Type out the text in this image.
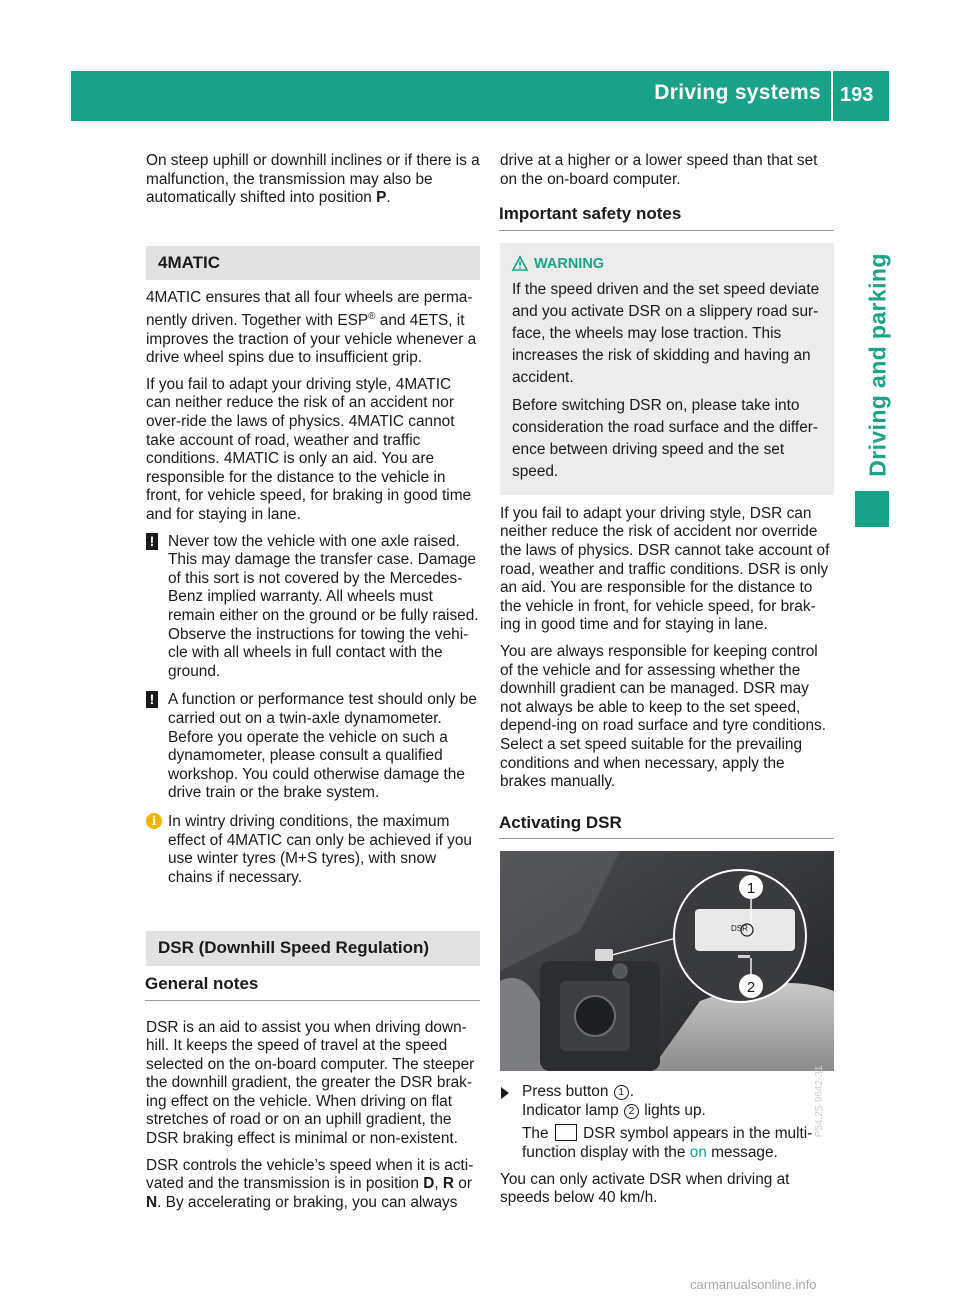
Driving systems 193
Driving and parking

On steep uphill or downhill inclines or if there is a malfunction, the transmission may also be automatically shifted into position P.

4MATIC

4MATIC ensures that all four wheels are perma-nently driven. Together with ESP® and 4ETS, it improves the traction of your vehicle whenever a drive wheel spins due to insufficient grip.

If you fail to adapt your driving style, 4MATIC can neither reduce the risk of an accident nor over-ride the laws of physics. 4MATIC cannot take account of road, weather and traffic conditions. 4MATIC is only an aid. You are responsible for the distance to the vehicle in front, for vehicle speed, for braking in good time and for staying in lane.

! Never tow the vehicle with one axle raised. This may damage the transfer case. Damage of this sort is not covered by the Mercedes-Benz implied warranty. All wheels must remain either on the ground or be fully raised. Observe the instructions for towing the vehi-cle with all wheels in full contact with the ground.
! A function or performance test should only be carried out on a twin-axle dynamometer. Before you operate the vehicle on such a dynamometer, please consult a qualified workshop. You could otherwise damage the drive train or the brake system.
i In wintry driving conditions, the maximum effect of 4MATIC can only be achieved if you use winter tyres (M+S tyres), with snow chains if necessary.
DSR (Downhill Speed Regulation)
General notes

DSR is an aid to assist you when driving down-hill. It keeps the speed of travel at the speed selected on the on-board computer. The steeper the downhill gradient, the greater the DSR brak-ing effect on the vehicle. When driving on flat stretches of road or on an uphill gradient, the DSR braking effect is minimal or non-existent.

DSR controls the vehicle’s speed when it is acti-vated and the transmission is in position D, R or N. By accelerating or braking, you can always

drive at a higher or a lower speed than that set on the on-board computer.

Important safety notes
WARNING

If the speed driven and the set speed deviate and you activate DSR on a slippery road sur-face, the wheels may lose traction. This increases the risk of skidding and having an accident.

Before switching DSR on, please take into consideration the road surface and the differ-ence between driving speed and the set speed.

If you fail to adapt your driving style, DSR can neither reduce the risk of accident nor override the laws of physics. DSR cannot take account of road, weather and traffic conditions. DSR is only an aid. You are responsible for the distance to the vehicle in front, for vehicle speed, for brak-ing in good time and for staying in lane.

You are always responsible for keeping control of the vehicle and for assessing whether the downhill gradient can be managed. DSR may not always be able to keep to the set speed, depend-ing on road surface and tyre conditions. Select a set speed suitable for the prevailing conditions and when necessary, apply the brakes manually.

Activating DSR
DSR
1
2
P54.25-9642-31
Press button 1 .
Indicator lamp 2 lights up.
The  DSR symbol appears in the multi-function display with the on message.

You can only activate DSR when driving at speeds below 40 km/h.

carmanualsonline.info
